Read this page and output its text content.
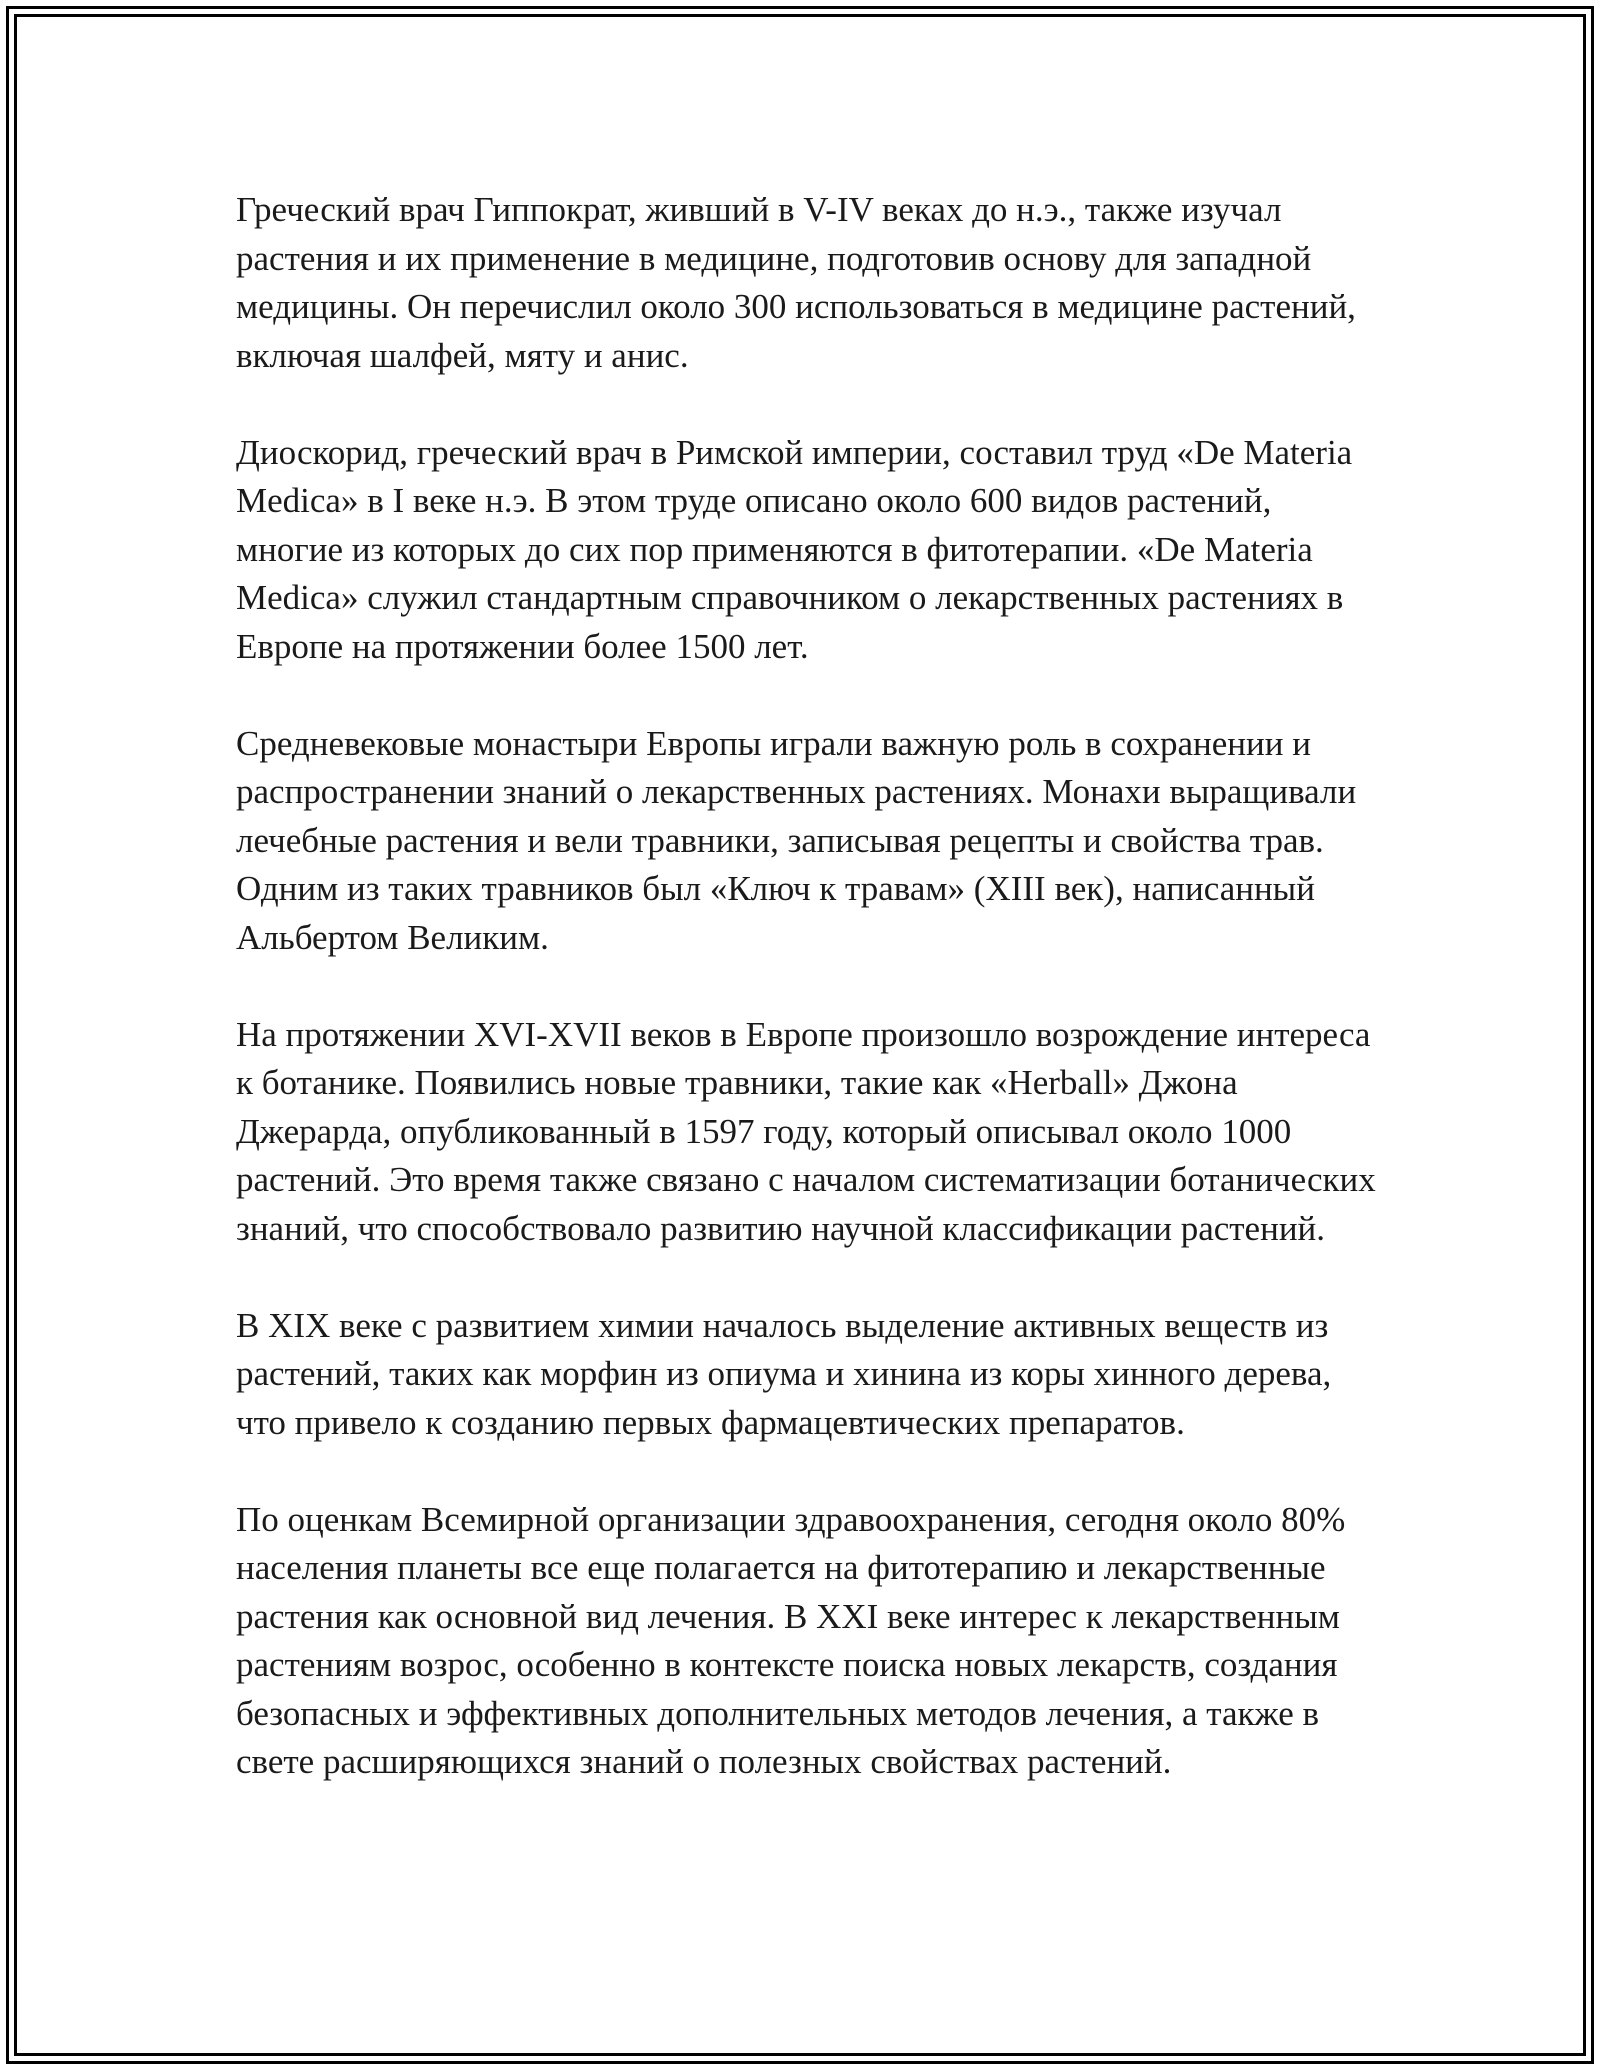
Греческий врач Гиппократ, живший в V-IV веках до н.э., также изучал растения и их применение в медицине, подготовив основу для западной медицины. Он перечислил около 300 использоваться в медицине растений, включая шалфей, мяту и анис.

Диоскорид, греческий врач в Римской империи, составил труд «De Materia Medica» в I веке н.э. В этом труде описано около 600 видов растений, многие из которых до сих пор применяются в фитотерапии. «De Materia Medica» служил стандартным справочником о лекарственных растениях в Европе на протяжении более 1500 лет.

Средневековые монастыри Европы играли важную роль в сохранении и распространении знаний о лекарственных растениях. Монахи выращивали лечебные растения и вели травники, записывая рецепты и свойства трав. Одним из таких травников был «Ключ к травам» (XIII век), написанный Альбертом Великим.

На протяжении XVI-XVII веков в Европе произошло возрождение интереса к ботанике. Появились новые травники, такие как «Herball» Джона Джерарда, опубликованный в 1597 году, который описывал около 1000 растений. Это время также связано с началом систематизации ботанических знаний, что способствовало развитию научной классификации растений.

В XIX веке с развитием химии началось выделение активных веществ из растений, таких как морфин из опиума и хинина из коры хинного дерева, что привело к созданию первых фармацевтических препаратов.

По оценкам Всемирной организации здравоохранения, сегодня около 80% населения планеты все еще полагается на фитотерапию и лекарственные растения как основной вид лечения. В XXI веке интерес к лекарственным растениям возрос, особенно в контексте поиска новых лекарств, создания безопасных и эффективных дополнительных методов лечения, а также в свете расширяющихся знаний о полезных свойствах растений.
